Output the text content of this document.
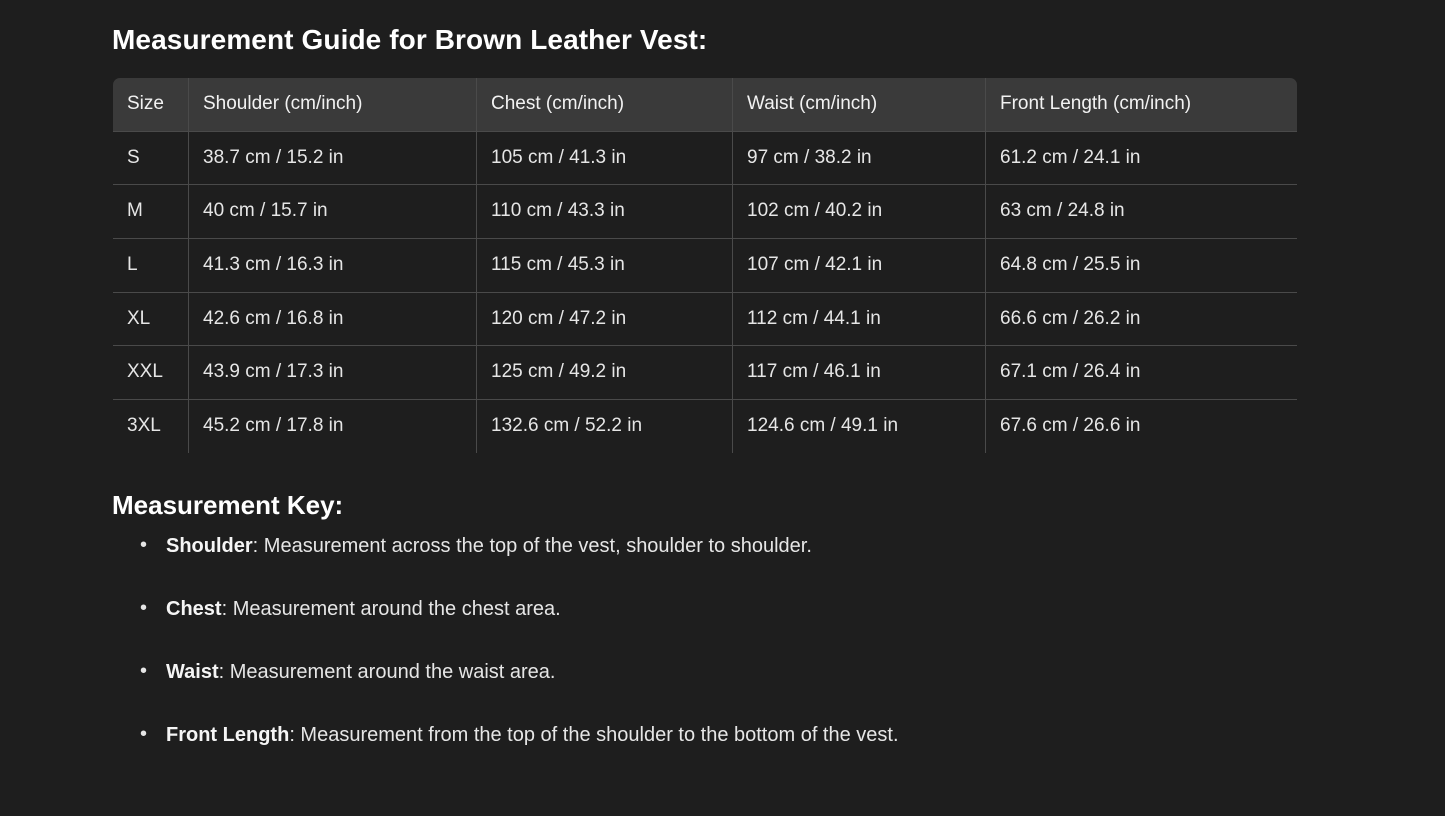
Measurement Guide for Brown Leather Vest:
Size	Shoulder (cm/inch)	Chest (cm/inch)	Waist (cm/inch)	Front Length (cm/inch)
S	38.7 cm / 15.2 in	105 cm / 41.3 in	97 cm / 38.2 in	61.2 cm / 24.1 in
M	40 cm / 15.7 in	110 cm / 43.3 in	102 cm / 40.2 in	63 cm / 24.8 in
L	41.3 cm / 16.3 in	115 cm / 45.3 in	107 cm / 42.1 in	64.8 cm / 25.5 in
XL	42.6 cm / 16.8 in	120 cm / 47.2 in	112 cm / 44.1 in	66.6 cm / 26.2 in
XXL	43.9 cm / 17.3 in	125 cm / 49.2 in	117 cm / 46.1 in	67.1 cm / 26.4 in
3XL	45.2 cm / 17.8 in	132.6 cm / 52.2 in	124.6 cm / 49.1 in	67.6 cm / 26.6 in
Measurement Key:
• Shoulder: Measurement across the top of the vest, shoulder to shoulder.
• Chest: Measurement around the chest area.
• Waist: Measurement around the waist area.
• Front Length: Measurement from the top of the shoulder to the bottom of the vest.
